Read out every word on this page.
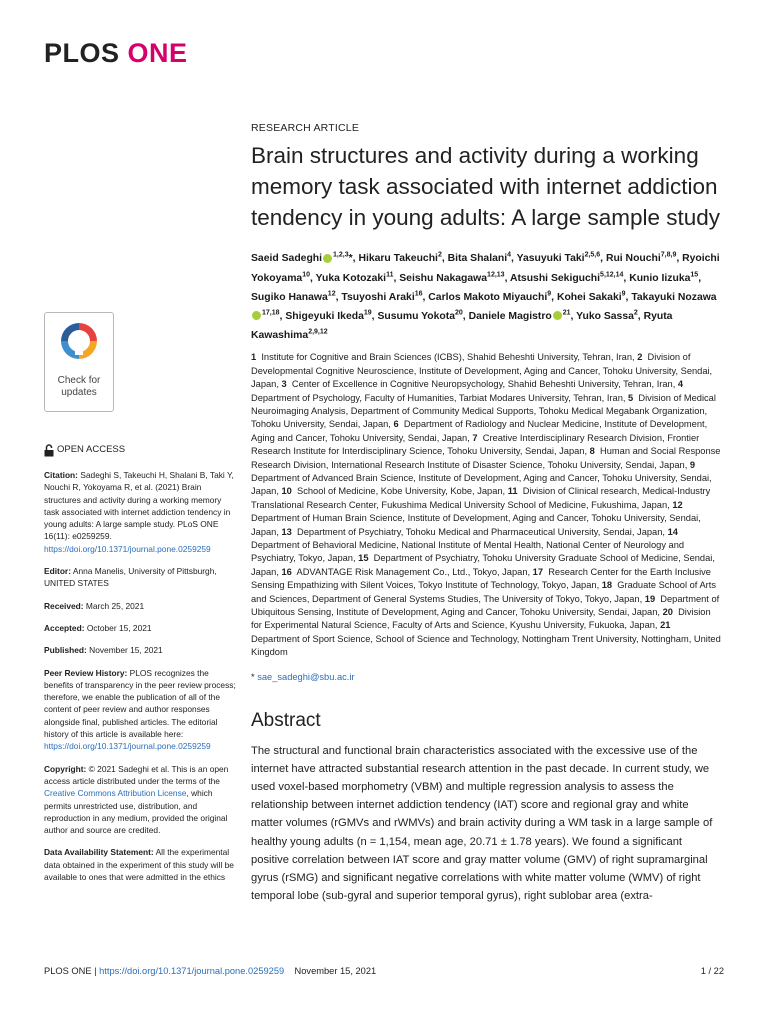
PLOS ONE
Check for
updates
RESEARCH ARTICLE
Brain structures and activity during a working memory task associated with internet addiction tendency in young adults: A large sample study
Saeid Sadeghi $^{1,2,3}$*, Hikaru Takeuchi$^2$, Bita Shalani$^4$, Yasuyuki Taki$^{2,5,6}$, Rui Nouchi$^{7,8,9}$, Ryoichi Yokoyama$^{10}$, Yuka Kotozaki$^{11}$, Seishu Nakagawa$^{12,13}$, Atsushi Sekiguchi$^{5,12,14}$, Kunio Iizuka$^{15}$, Sugiko Hanawa$^{12}$, Tsuyoshi Araki$^{16}$, Carlos Makoto Miyauchi$^9$, Kohei Sakaki$^9$, Takayuki Nozawa$^{17,18}$, Shigeyuki Ikeda$^{19}$, Susumu Yokota$^{20}$, Daniele Magistro $^{21}$, Yuko Sassa$^2$, Ryuta Kawashima$^{2,9,12}$
1 Institute for Cognitive and Brain Sciences (ICBS), Shahid Beheshti University, Tehran, Iran, 2 Division of Developmental Cognitive Neuroscience, Institute of Development, Aging and Cancer, Tohoku University, Sendai, Japan, 3 Center of Excellence in Cognitive Neuropsychology, Shahid Beheshti University, Tehran, Iran, 4  Department of Psychology, Faculty of Humanities, Tarbiat Modares University, Tehran, Iran, 5 Division of Medical Neuroimaging Analysis, Department of Community Medical Supports, Tohoku Medical Megabank Organization, Tohoku University, Sendai, Japan, 6 Department of Radiology and Nuclear Medicine, Institute of Development, Aging and Cancer, Tohoku University, Sendai, Japan, 7 Creative Interdisciplinary Research Division, Frontier Research Institute for Interdisciplinary Science, Tohoku University, Sendai, Japan, 8 Human and Social Response Research Division, International Research Institute of Disaster Science, Tohoku University, Sendai, Japan, 9  Department of Advanced Brain Science, Institute of Development, Aging and Cancer, Tohoku University, Sendai, Japan, 10 School of Medicine, Kobe University, Kobe, Japan, 11 Division of Clinical research, Medical-Industry Translational Research Center, Fukushima Medical University School of Medicine, Fukushima, Japan, 12  Department of Human Brain Science, Institute of Development, Aging and Cancer, Tohoku University, Sendai, Japan, 13 Department of Psychiatry, Tohoku Medical and Pharmaceutical University, Sendai, Japan, 14  Department of Behavioral Medicine, National Institute of Mental Health, National Center of Neurology and Psychiatry, Tokyo, Japan, 15 Department of Psychiatry, Tohoku University Graduate School of Medicine, Sendai, Japan, 16 ADVANTAGE Risk Management Co., Ltd., Tokyo, Japan, 17 Research Center for the Earth Inclusive Sensing Empathizing with Silent Voices, Tokyo Institute of Technology, Tokyo, Japan, 18 Graduate School of Arts and Sciences, Department of General Systems Studies, The University of Tokyo, Tokyo, Japan, 19 Department of Ubiquitous Sensing, Institute of Development, Aging and Cancer, Tohoku University, Sendai, Japan, 20 Division for Experimental Natural Science, Faculty of Arts and Science, Kyushu University, Fukuoka, Japan, 21  Department of Sport Science, School of Science and Technology, Nottingham Trent University, Nottingham, United Kingdom
* sae_sadeghi@sbu.ac.ir
Abstract
The structural and functional brain characteristics associated with the excessive use of the internet have attracted substantial research attention in the past decade. In current study, we used voxel-based morphometry (VBM) and multiple regression analysis to assess the relationship between internet addiction tendency (IAT) score and regional gray and white matter volumes (rGMVs and rWMVs) and brain activity during a WM task in a large sample of healthy young adults (n = 1,154, mean age, 20.71 ± 1.78 years). We found a significant positive correlation between IAT score and gray matter volume (GMV) of right supramarginal gyrus (rSMG) and significant negative correlations with white matter volume (WMV) of right temporal lobe (sub-gyral and superior temporal gyrus), right sublobar area (extra-

OPEN ACCESS

Citation: Sadeghi S, Takeuchi H, Shalani B, Taki Y, Nouchi R, Yokoyama R, et al. (2021) Brain structures and activity during a working memory task associated with internet addiction tendency in young adults: A large sample study. PLoS ONE 16(11): e0259259. https://doi.org/10.1371/journal.pone.0259259

Editor: Anna Manelis, University of Pittsburgh, UNITED STATES

Received: March 25, 2021

Accepted: October 15, 2021

Published: November 15, 2021

Peer Review History: PLOS recognizes the benefits of transparency in the peer review process; therefore, we enable the publication of all of the content of peer review and author responses alongside final, published articles. The editorial history of this article is available here: https://doi.org/10.1371/journal.pone.0259259

Copyright: © 2021 Sadeghi et al. This is an open access article distributed under the terms of the Creative Commons Attribution License, which permits unrestricted use, distribution, and reproduction in any medium, provided the original author and source are credited.

Data Availability Statement: All the experimental data obtained in the experiment of this study will be available to ones that were admitted in the ethics

PLOS ONE | https://doi.org/10.1371/journal.pone.0259259 November 15, 2021	1 / 22
